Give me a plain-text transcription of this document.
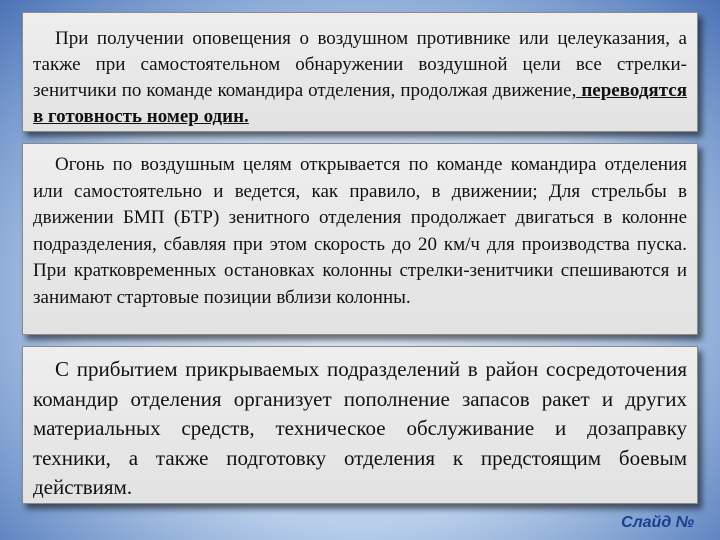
При получении оповещения о воздушном противнике или целеуказания, а также при самостоятельном обнаружении воздушной цели все стрелки-зенитчики по команде командира отделения, продолжая движение, переводятся в готовность номер один.
Огонь по воздушным целям открывается по команде командира отделения или самостоятельно и ведется, как правило, в движении; Для стрельбы в движении БМП (БТР) зенитного отделения продолжает двигаться в колонне подразделения, сбавляя при этом скорость до 20 км/ч для производства пуска. При кратковременных остановках колонны стрелки-зенитчики спешиваются и занимают стартовые позиции вблизи колонны.
С прибытием прикрываемых подразделений в район сосредоточения командир отделения организует пополнение запасов ракет и других материальных средств, техническое обслуживание и дозаправку техники, а также подготовку отделения к предстоящим боевым действиям.
Слайд №
